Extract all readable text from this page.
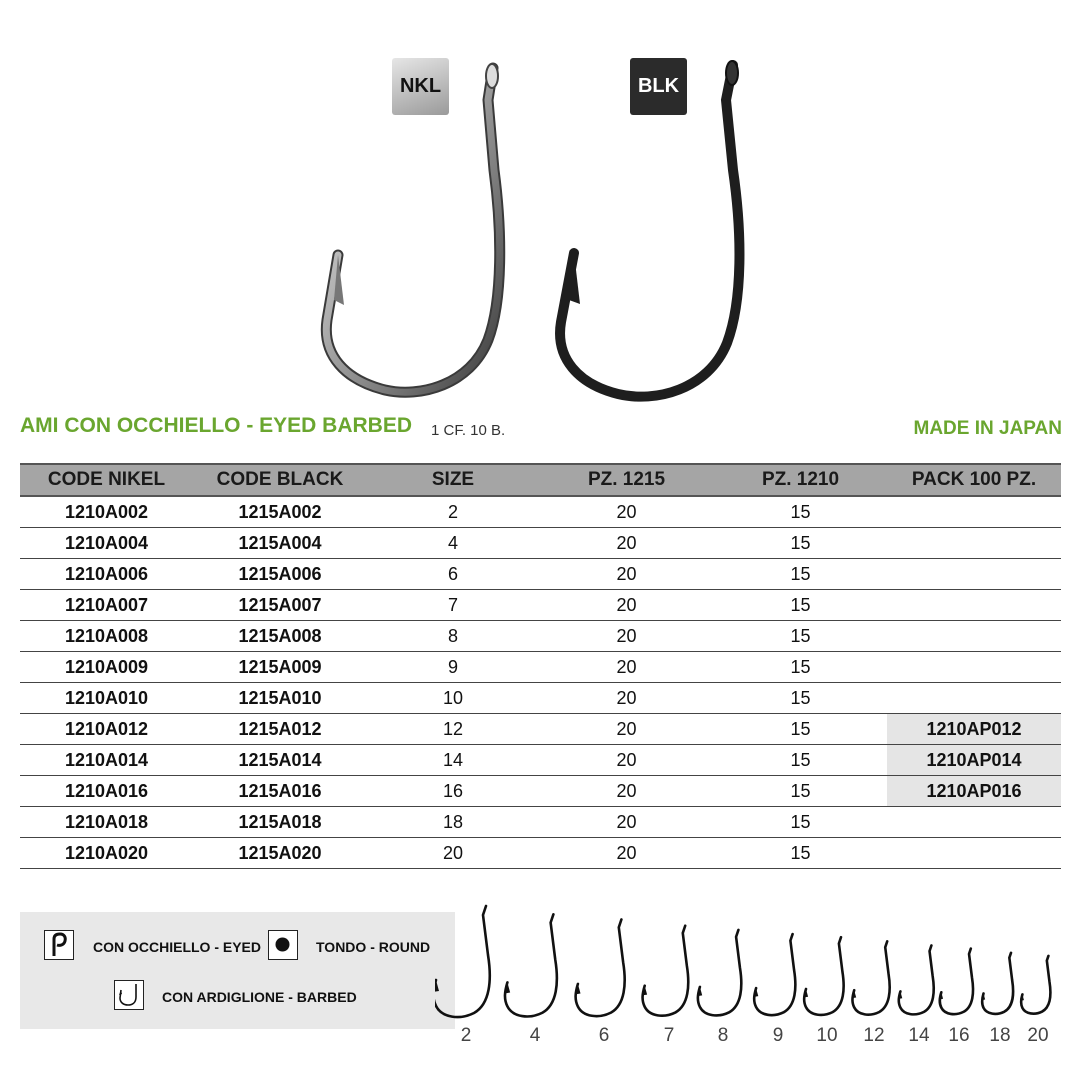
NKL	BLK
AMI CON OCCHIELLO - EYED BARBED 1 CF. 10 B.	MADE IN JAPAN
CODE NIKEL	CODE BLACK	SIZE	PZ. 1215	PZ. 1210	PACK 100 PZ.
1210A002	1215A002	2	20	15	
1210A004	1215A004	4	20	15	
1210A006	1215A006	6	20	15	
1210A007	1215A007	7	20	15	
1210A008	1215A008	8	20	15	
1210A009	1215A009	9	20	15	
1210A010	1215A010	10	20	15	
1210A012	1215A012	12	20	15	1210AP012
1210A014	1215A014	14	20	15	1210AP014
1210A016	1215A016	16	20	15	1210AP016
1210A018	1215A018	18	20	15	
1210A020	1215A020	20	20	15	
CON OCCHIELLO - EYED	TONDO - ROUND
CON ARDIGLIONE - BARBED
2	4	6	7 8 9 10 12 14 16 18 20
